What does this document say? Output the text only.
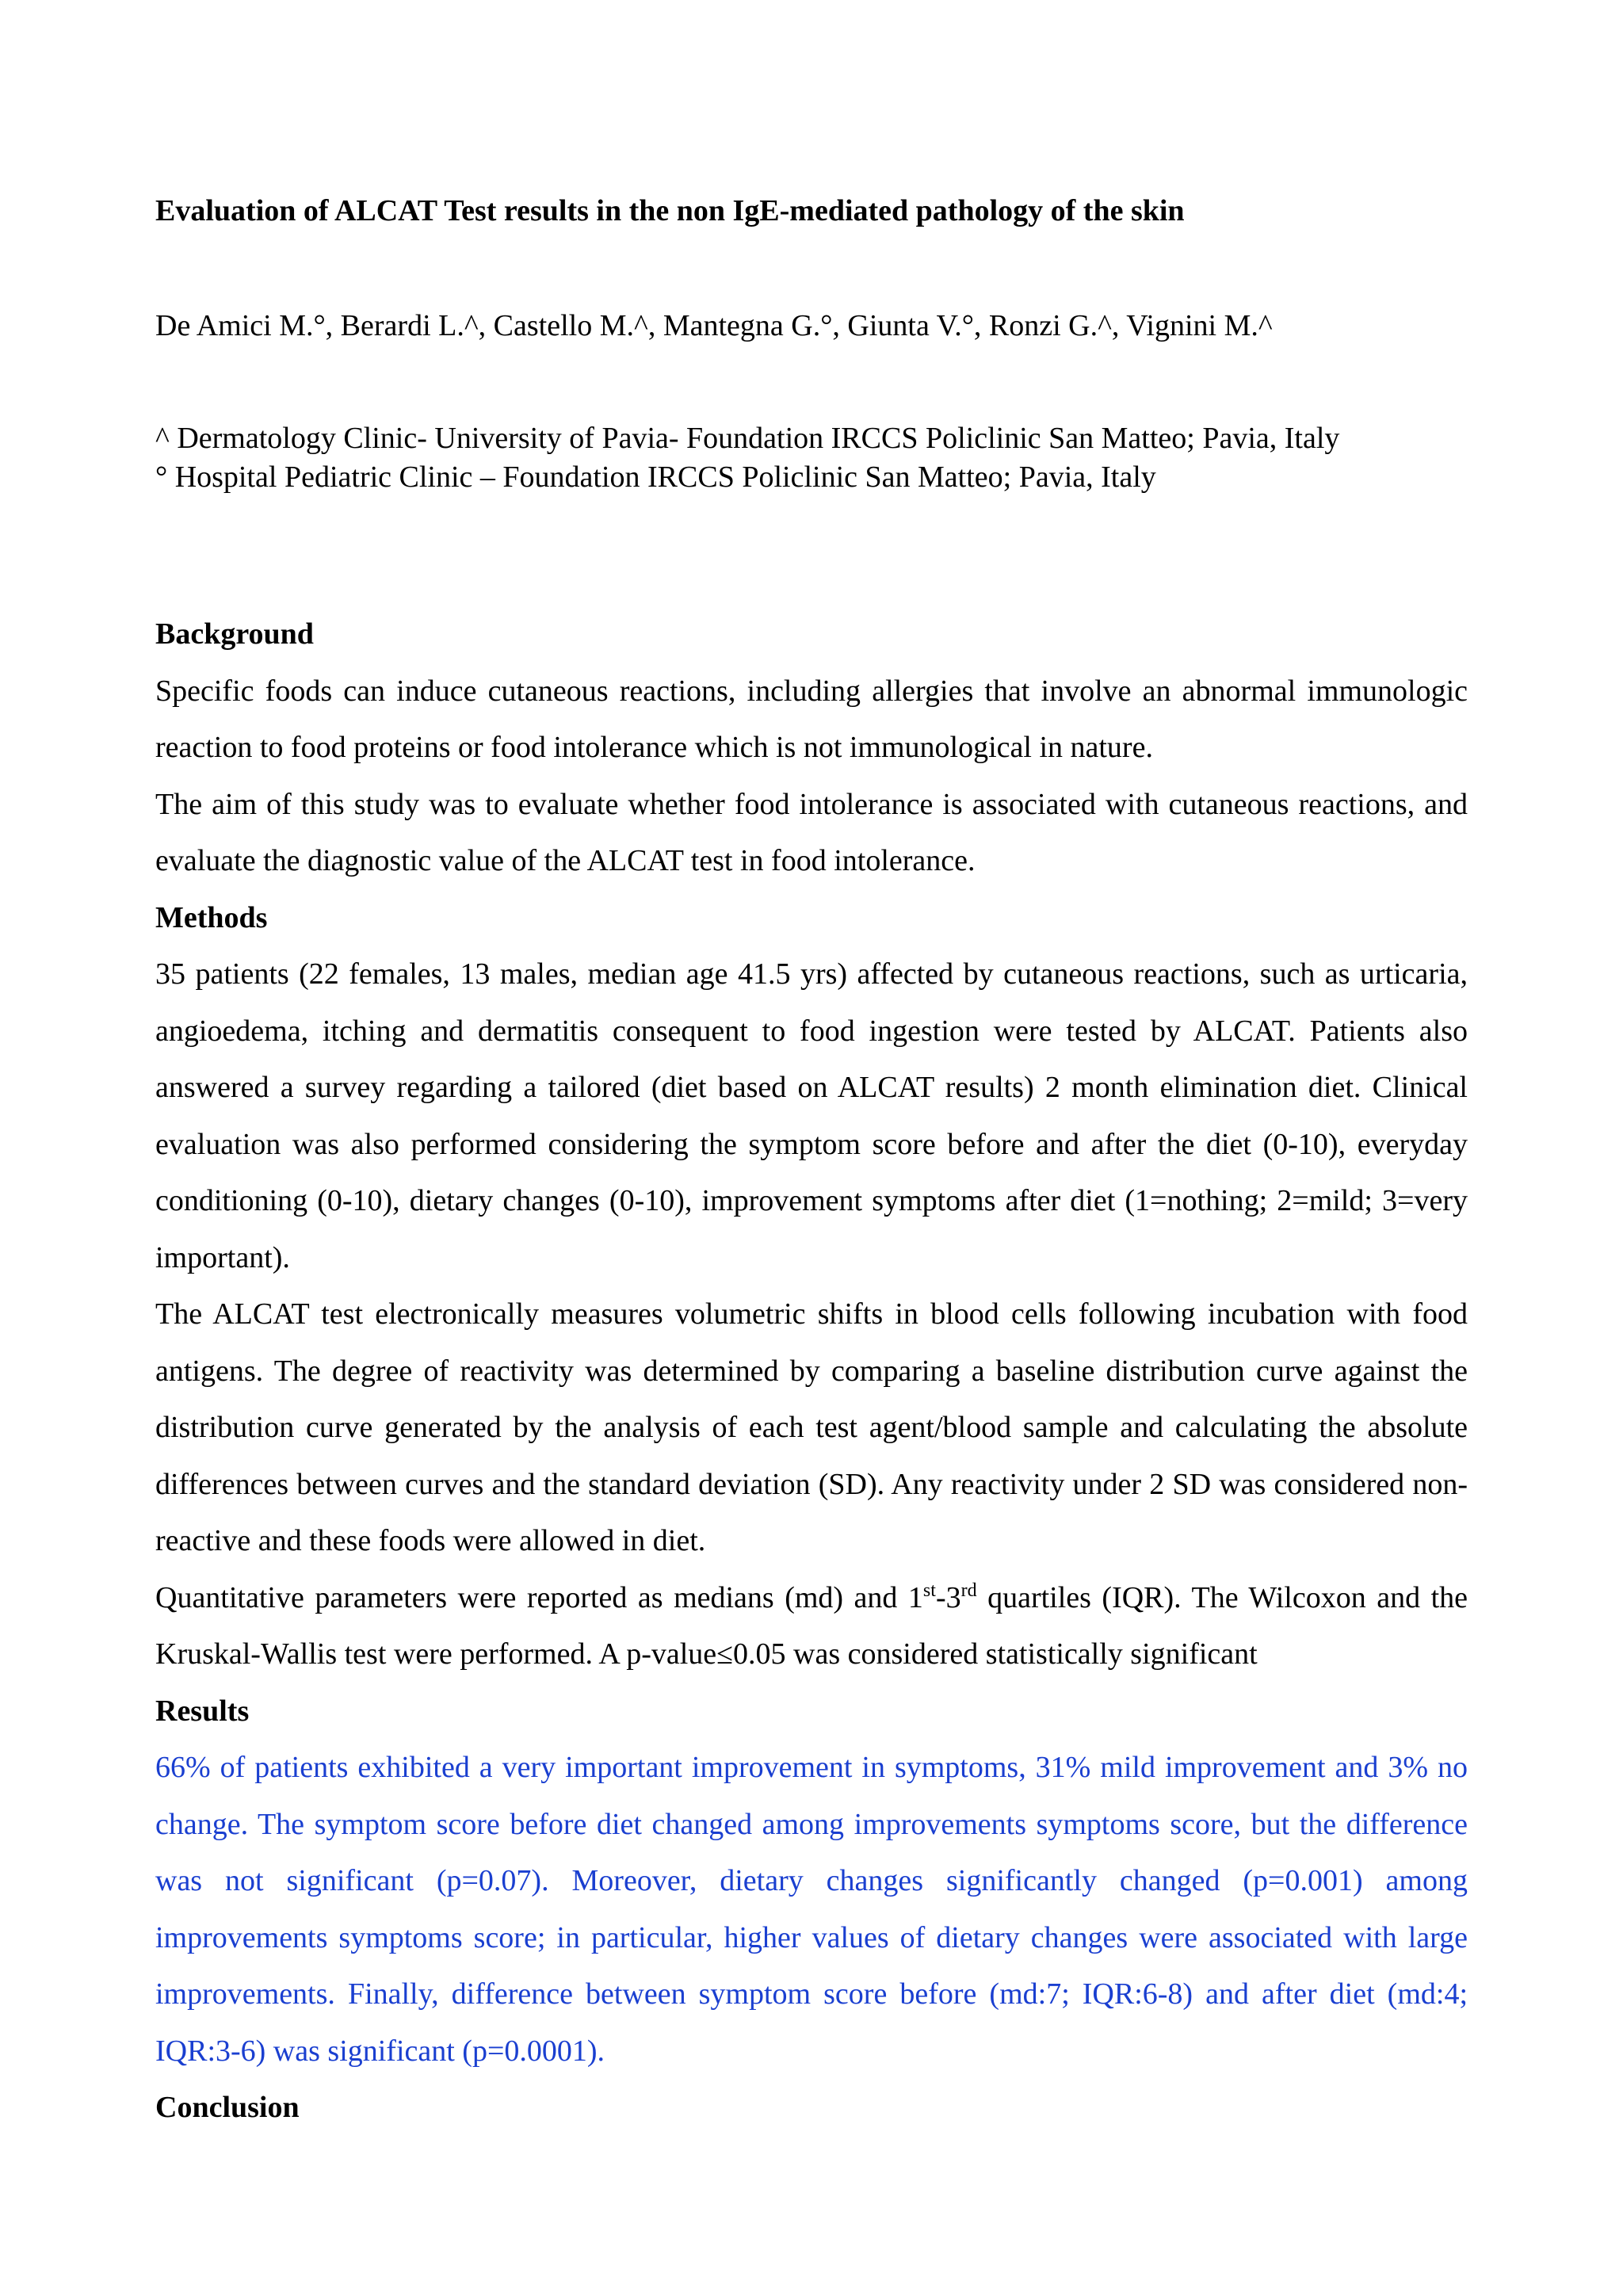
Evaluation of ALCAT Test results in the non IgE-mediated pathology of the skin
De Amici M.°, Berardi L.^, Castello M.^, Mantegna G.°, Giunta V.°, Ronzi G.^, Vignini M.^
^ Dermatology Clinic- University of Pavia- Foundation IRCCS Policlinic San Matteo; Pavia, Italy
° Hospital Pediatric Clinic – Foundation IRCCS Policlinic San Matteo; Pavia, Italy
Background

Specific foods can induce cutaneous reactions, including allergies that involve an abnormal immunologic reaction to food proteins or food intolerance which is not immunological in nature.

The aim of this study was to evaluate whether food intolerance is associated with cutaneous reactions, and evaluate the diagnostic value of the ALCAT test in food intolerance.

Methods

35 patients (22 females, 13 males, median age 41.5 yrs) affected by cutaneous reactions, such as urticaria, angioedema, itching and dermatitis consequent to food ingestion were tested by ALCAT. Patients also answered a survey regarding a tailored (diet based on ALCAT results) 2 month elimination diet. Clinical evaluation was also performed considering the symptom score before and after the diet (0-10), everyday conditioning (0-10), dietary changes (0-10), improvement symptoms after diet (1=nothing; 2=mild; 3=very important).

The ALCAT test electronically measures volumetric shifts in blood cells following incubation with food antigens. The degree of reactivity was determined by comparing a baseline distribution curve against the distribution curve generated by the analysis of each test agent/blood sample and calculating the absolute differences between curves and the standard deviation (SD). Any reactivity under 2 SD was considered non-reactive and these foods were allowed in diet.

Quantitative parameters were reported as medians (md) and 1st-3rd quartiles (IQR). The Wilcoxon and the Kruskal-Wallis test were performed. A p-value≤0.05 was considered statistically significant

Results

66% of patients exhibited a very important improvement in symptoms, 31% mild improvement and 3% no change. The symptom score before diet changed among improvements symptoms score, but the difference was not significant (p=0.07). Moreover, dietary changes significantly changed (p=0.001) among improvements symptoms score; in particular, higher values of dietary changes were associated with large improvements. Finally, difference between symptom score before (md:7; IQR:6-8) and after diet (md:4; IQR:3-6) was significant (p=0.0001).

Conclusion
